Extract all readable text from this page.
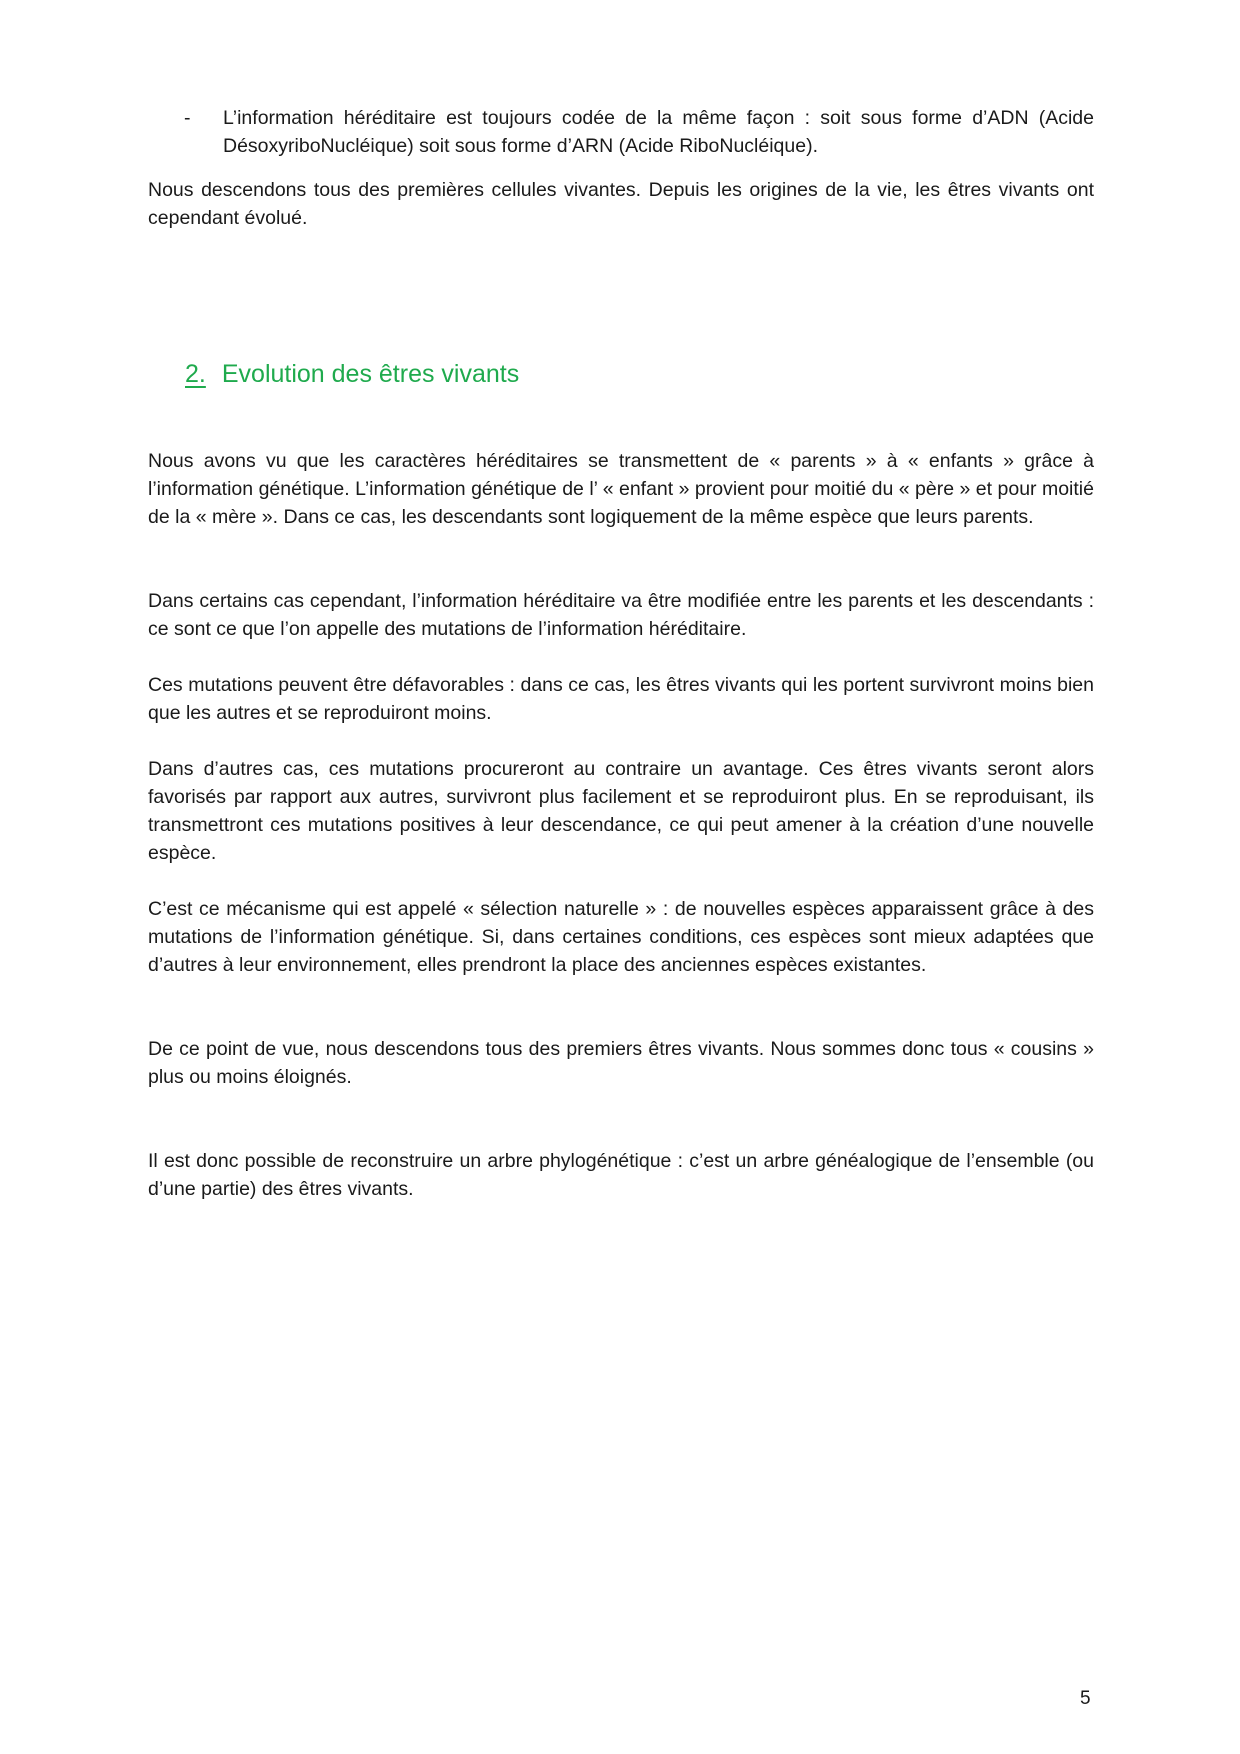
- L’information héréditaire est toujours codée de la même façon : soit sous forme d’ADN (Acide DésoxyriboNucléique) soit sous forme d’ARN (Acide RiboNucléique).

Nous descendons tous des premières cellules vivantes. Depuis les origines de la vie, les êtres vivants ont cependant évolué.

2. Evolution des êtres vivants

Nous avons vu que les caractères héréditaires se transmettent de « parents » à « enfants » grâce à l’information génétique. L’information génétique de l’ « enfant » provient pour moitié du « père » et pour moitié de la « mère ». Dans ce cas, les descendants sont logiquement de la même espèce que leurs parents.

Dans certains cas cependant, l’information héréditaire va être modifiée entre les parents et les descendants : ce sont ce que l’on appelle des mutations de l’information héréditaire.

Ces mutations peuvent être défavorables : dans ce cas, les êtres vivants qui les portent survivront moins bien que les autres et se reproduiront moins.

Dans d’autres cas, ces mutations procureront au contraire un avantage. Ces êtres vivants seront alors favorisés par rapport aux autres, survivront plus facilement et se reproduiront plus. En se reproduisant, ils transmettront ces mutations positives à leur descendance, ce qui peut amener à la création d’une nouvelle espèce.

C’est ce mécanisme qui est appelé « sélection naturelle » : de nouvelles espèces apparaissent grâce à des mutations de l’information génétique. Si, dans certaines conditions, ces espèces sont mieux adaptées que d’autres à leur environnement, elles prendront la place des anciennes espèces existantes.

De ce point de vue, nous descendons tous des premiers êtres vivants. Nous sommes donc tous « cousins » plus ou moins éloignés.

Il est donc possible de reconstruire un arbre phylogénétique : c’est un arbre généalogique de l’ensemble (ou d’une partie) des êtres vivants.

5
